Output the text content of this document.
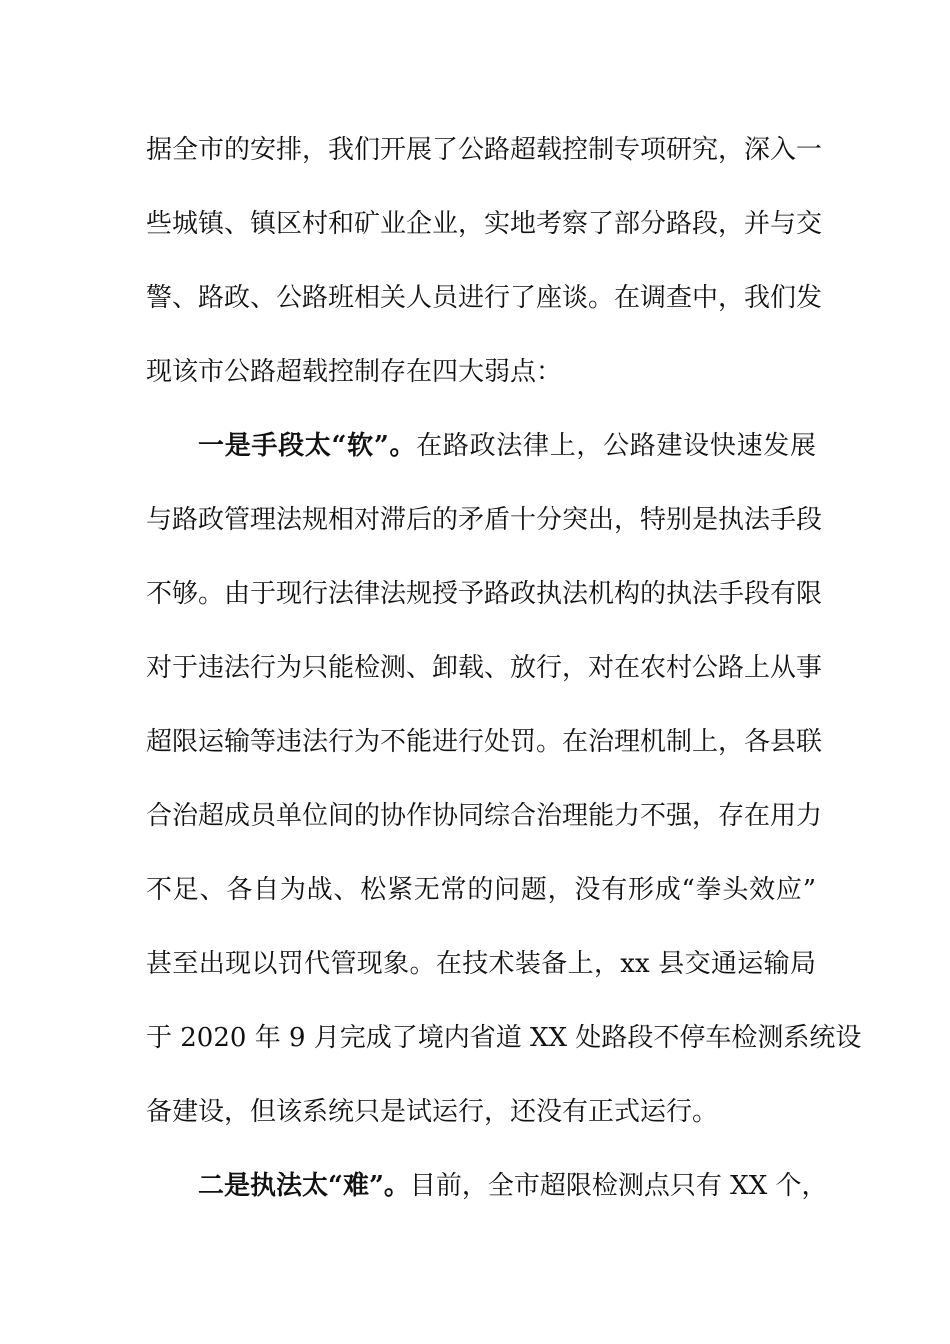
据全市的安排，我们开展了公路超载控制专项研究，深入一
些城镇、镇区村和矿业企业，实地考察了部分路段，并与交
警、路政、公路班相关人员进行了座谈。在调查中，我们发
现该市公路超载控制存在四大弱点：
一是手段太“软”。在路政法律上，公路建设快速发展
与路政管理法规相对滞后的矛盾十分突出，特别是执法手段
不够。由于现行法律法规授予路政执法机构的执法手段有限
对于违法行为只能检测、卸载、放行，对在农村公路上从事
超限运输等违法行为不能进行处罚。在治理机制上，各县联
合治超成员单位间的协作协同综合治理能力不强，存在用力
不足、各自为战、松紧无常的问题，没有形成“拳头效应”
甚至出现以罚代管现象。在技术装备上，xx 县交通运输局
于 2020 年 9 月完成了境内省道 XX 处路段不停车检测系统设
备建设，但该系统只是试运行，还没有正式运行。
二是执法太“难”。目前，全市超限检测点只有 XX 个，
